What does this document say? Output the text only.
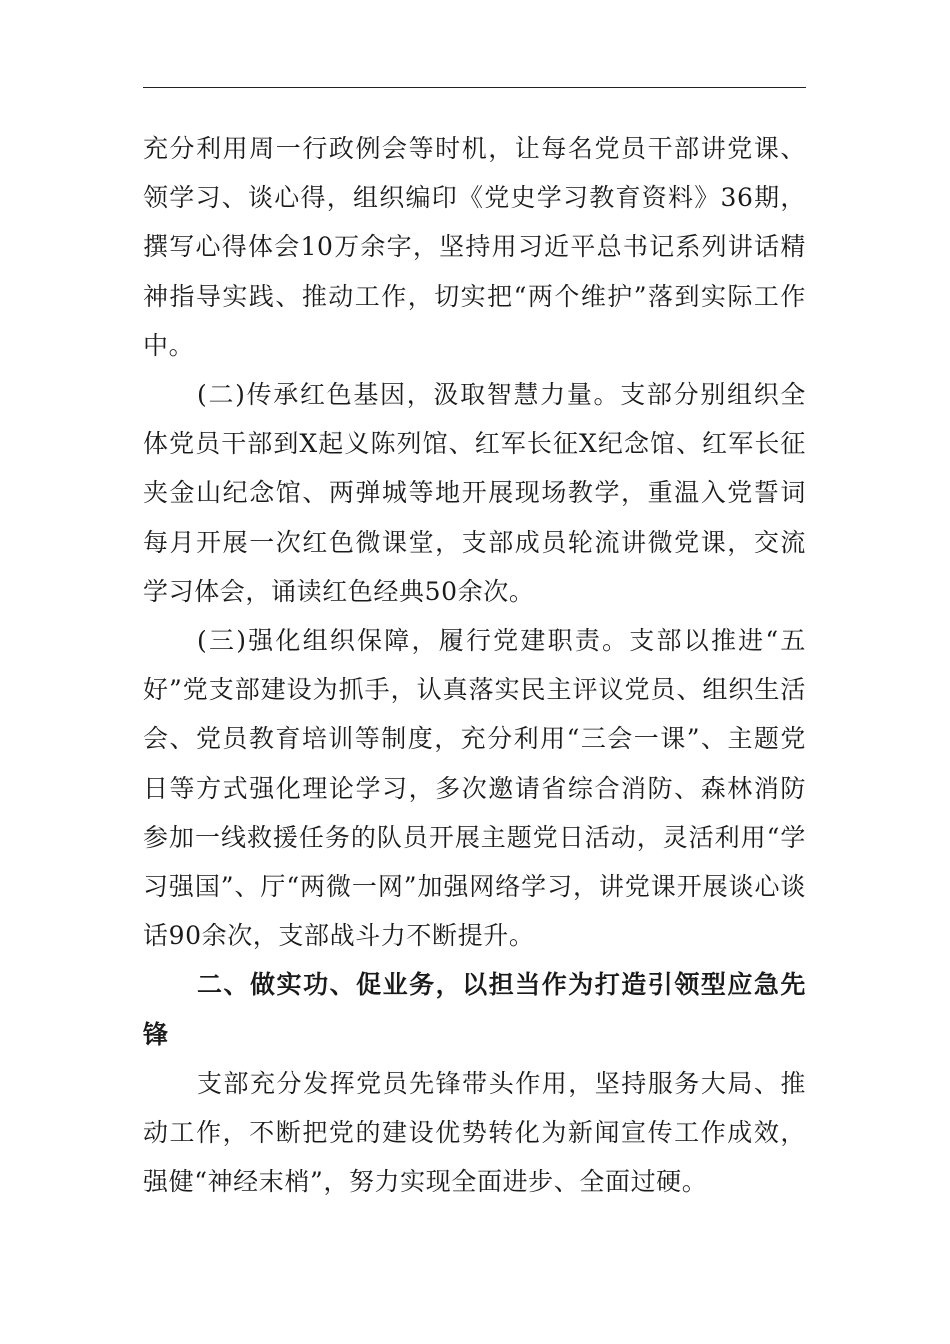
充分利用周一行政例会等时机，让每名党员干部讲党课、领学习、谈心得，组织编印《党史学习教育资料》36期，撰写心得体会10万余字，坚持用习近平总书记系列讲话精神指导实践、推动工作，切实把“两个维护”落到实际工作中。

(二)传承红色基因，汲取智慧力量。支部分别组织全体党员干部到X起义陈列馆、红军长征X纪念馆、红军长征夹金山纪念馆、两弹城等地开展现场教学，重温入党誓词每月开展一次红色微课堂，支部成员轮流讲微党课，交流学习体会，诵读红色经典50余次。

(三)强化组织保障，履行党建职责。支部以推进“五好”党支部建设为抓手，认真落实民主评议党员、组织生活会、党员教育培训等制度，充分利用“三会一课”、主题党日等方式强化理论学习，多次邀请省综合消防、森林消防参加一线救援任务的队员开展主题党日活动，灵活利用“学习强国”、厅“两微一网”加强网络学习，讲党课开展谈心谈话90余次，支部战斗力不断提升。

二、做实功、促业务，以担当作为打造引领型应急先锋

支部充分发挥党员先锋带头作用，坚持服务大局、推动工作，不断把党的建设优势转化为新闻宣传工作成效，强健“神经末梢”，努力实现全面进步、全面过硬。
